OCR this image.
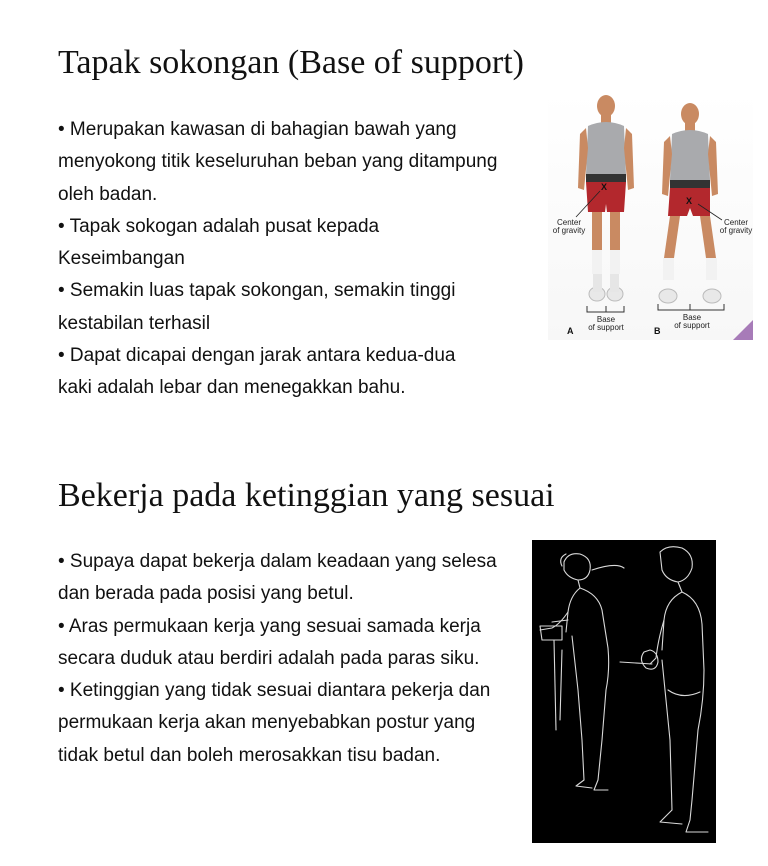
Tapak sokongan (Base of support)
• Merupakan kawasan di bahagian bawah yang
menyokong titik keseluruhan beban yang ditampung
oleh badan.
• Tapak sokogan adalah pusat kepada
Keseimbangan
• Semakin luas tapak sokongan, semakin tinggi
kestabilan terhasil
• Dapat dicapai dengan jarak antara kedua-dua
kaki adalah lebar dan menegakkan bahu.
X
X
Center
of gravity
Center
of gravity
Base
of support
Base
of support
A	B
Bekerja pada ketinggian yang sesuai
• Supaya dapat bekerja dalam keadaan yang selesa
dan berada pada posisi yang betul.
• Aras permukaan kerja yang sesuai samada kerja
secara duduk atau berdiri adalah pada paras siku.
• Ketinggian yang tidak sesuai diantara pekerja dan
permukaan kerja akan menyebabkan postur yang
tidak betul dan boleh merosakkan tisu badan.
